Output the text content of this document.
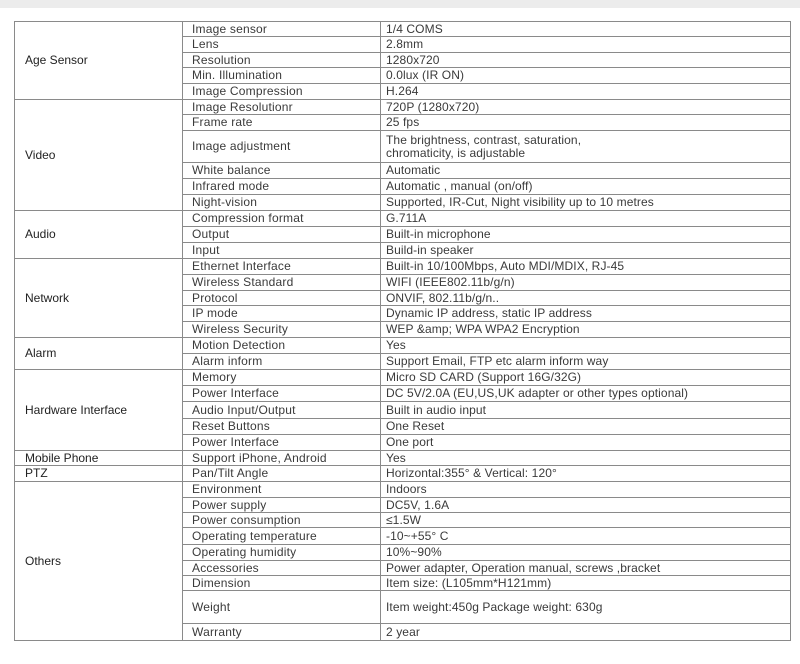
Age Sensor	Image sensor	1/4 COMS
	Lens	2.8mm
	Resolution	1280x720
	Min. Illumination	0.0lux (IR ON)
	Image Compression	H.264
Video	Image Resolutionr	720P (1280x720)
	Frame rate	25 fps
	Image adjustment	The brightness, contrast, saturation,
chromaticity, is adjustable
	White balance	Automatic
	Infrared mode	Automatic , manual (on/off)
	Night-vision	Supported, IR-Cut, Night visibility up to 10 metres
Audio	Compression format	G.711A
	Output	Built-in microphone
	Input	Build-in speaker
Network	Ethernet Interface	Built-in 10/100Mbps, Auto MDI/MDIX, RJ-45
	Wireless Standard	WIFI (IEEE802.11b/g/n)
	Protocol	ONVIF, 802.11b/g/n..
	IP mode	Dynamic IP address, static IP address
	Wireless Security	WEP &amp; WPA WPA2 Encryption
Alarm	Motion Detection	Yes
	Alarm inform	Support Email, FTP etc alarm inform way
Hardware Interface	Memory	Micro SD CARD (Support 16G/32G)
	Power Interface	DC 5V/2.0A (EU,US,UK adapter or other types optional)
	Audio Input/Output	Built in audio input
	Reset Buttons	One Reset
	Power Interface	One port
Mobile Phone	Support iPhone, Android	Yes
PTZ	Pan/Tilt Angle	Horizontal:355° & Vertical: 120°
Others	Environment	Indoors
	Power supply	DC5V, 1.6A
	Power consumption	≤1.5W
	Operating temperature	-10~+55° C
	Operating humidity	10%~90%
	Accessories	Power adapter, Operation manual, screws ,bracket
	Dimension	Item size: (L105mm*H121mm)
	Weight	Item weight:450g Package weight: 630g
	Warranty	2 year
